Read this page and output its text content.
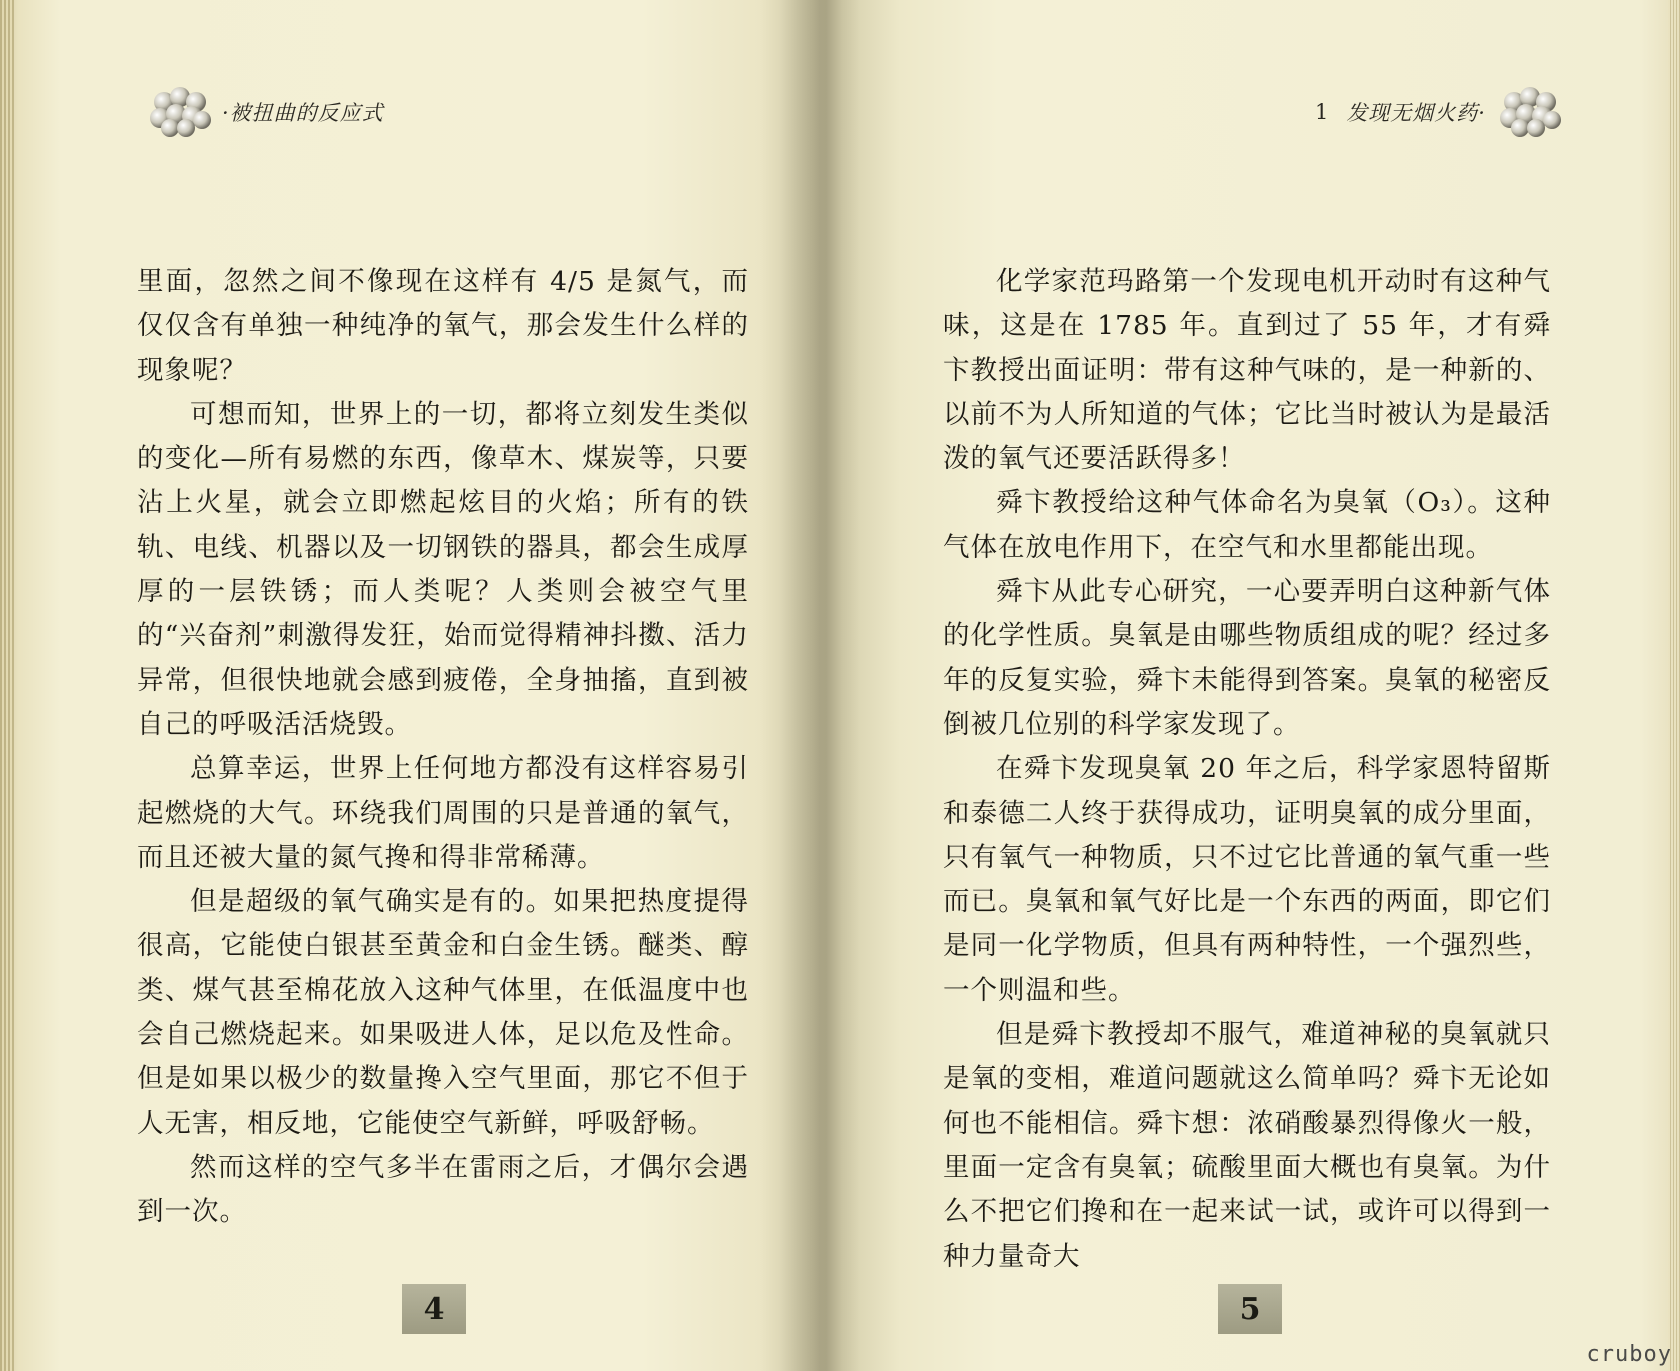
·被扭曲的反应式

里面，忽然之间不像现在这样有 4/5 是氮气，而仅仅含有单独一种纯净的氧气，那会发生什么样的现象呢？

可想而知，世界上的一切，都将立刻发生类似的变化—所有易燃的东西，像草木、煤炭等，只要沾上火星，就会立即燃起炫目的火焰；所有的铁轨、电线、机器以及一切钢铁的器具，都会生成厚厚的一层铁锈；而人类呢？人类则会被空气里的“兴奋剂”刺激得发狂，始而觉得精神抖擞、活力异常，但很快地就会感到疲倦，全身抽搐，直到被自己的呼吸活活烧毁。

总算幸运，世界上任何地方都没有这样容易引起燃烧的大气。环绕我们周围的只是普通的氧气，而且还被大量的氮气搀和得非常稀薄。

但是超级的氧气确实是有的。如果把热度提得很高，它能使白银甚至黄金和白金生锈。醚类、醇类、煤气甚至棉花放入这种气体里，在低温度中也会自己燃烧起来。如果吸进人体，足以危及性命。但是如果以极少的数量搀入空气里面，那它不但于人无害，相反地，它能使空气新鲜，呼吸舒畅。

然而这样的空气多半在雷雨之后，才偶尔会遇到一次。

4
1 发现无烟火药·

化学家范玛路第一个发现电机开动时有这种气味，这是在 1785 年。直到过了 55 年，才有舜卞教授出面证明：带有这种气味的，是一种新的、以前不为人所知道的气体；它比当时被认为是最活泼的氧气还要活跃得多！

舜卞教授给这种气体命名为臭氧（O₃）。这种气体在放电作用下，在空气和水里都能出现。

舜卞从此专心研究，一心要弄明白这种新气体的化学性质。臭氧是由哪些物质组成的呢？经过多年的反复实验，舜卞未能得到答案。臭氧的秘密反倒被几位别的科学家发现了。

在舜卞发现臭氧 20 年之后，科学家恩特留斯和泰德二人终于获得成功，证明臭氧的成分里面，只有氧气一种物质，只不过它比普通的氧气重一些而已。臭氧和氧气好比是一个东西的两面，即它们是同一化学物质，但具有两种特性，一个强烈些，一个则温和些。

但是舜卞教授却不服气，难道神秘的臭氧就只是氧的变相，难道问题就这么简单吗？舜卞无论如何也不能相信。舜卞想：浓硝酸暴烈得像火一般，里面一定含有臭氧；硫酸里面大概也有臭氧。为什么不把它们搀和在一起来试一试，或许可以得到一种力量奇大

5
cruboy
